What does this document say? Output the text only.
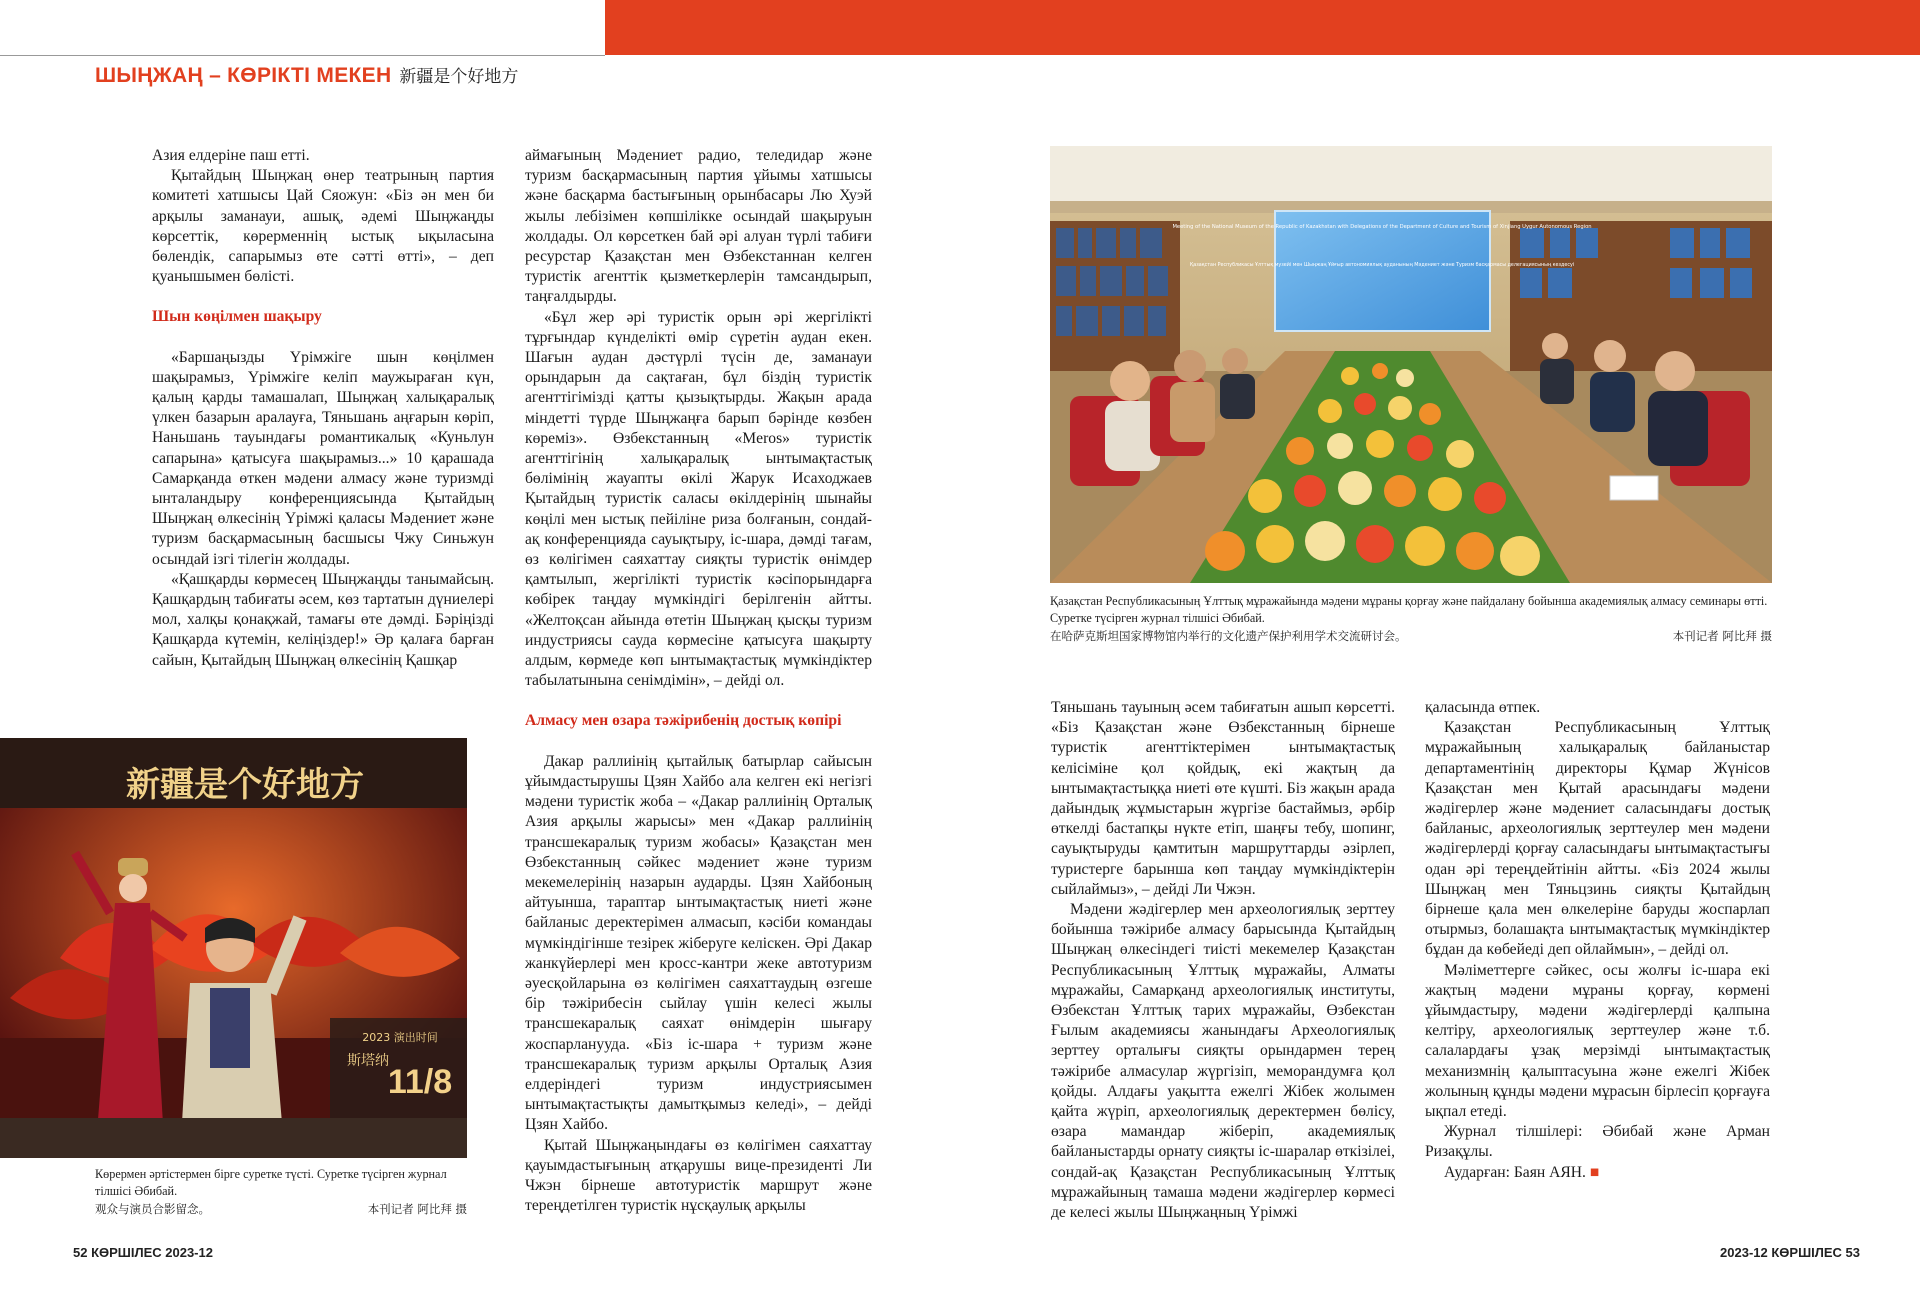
ШЫҢЖАҢ – КӨРІКТІ МЕКЕН 新疆是个好地方

Азия елдеріне паш етті.

Қытайдың Шыңжаң өнер театрының партия комитеті хатшысы Цай Сяожун: «Біз ән мен би арқылы заманауи, ашық, әдемі Шыңжаңды көрсеттік, көрерменнің ыстық ықыласына бөлендік, сапарымыз өте сәтті өтті», – деп қуанышымен бөлісті.

Шын көңілмен шақыру

«Баршаңызды Үрімжіге шын көңілмен шақырамыз, Үрімжіге келіп маужыраған күн, қалың қарды тамашалап, Шыңжаң халықаралық үлкен базарын аралауға, Тяньшань аңғарын көріп, Наньшань тауындағы романтикалық «Куньлун сапарына» қатысуға шақырамыз...» 10 қарашада Самарқанда өткен мәдени алмасу және туризмді ынталандыру конференциясында Қытайдың Шыңжаң өлкесінің Үрімжі қаласы Мәдениет және туризм басқармасының басшысы Чжу Синьжун осындай ізгі тілегін жолдады.

«Қашқарды көрмесең Шыңжаңды танымайсың. Қашқардың табиғаты әсем, көз тартатын дүниелері мол, халқы қонақжай, тамағы өте дәмді. Бәріңізді Қашқарда күтемін, келіңіздер!» Әр қалаға барған сайын, Қытайдың Шыңжаң өлкесінің Қашқар

аймағының Мәдениет радио, теледидар және туризм басқармасының партия ұйымы хатшысы және басқарма бастығының орынбасары Лю Хуэй жылы лебізімен көпшілікке осындай шақыруын жолдады. Ол көрсеткен бай әрі алуан түрлі табиғи ресурстар Қазақстан мен Өзбекстаннан келген туристік агенттік қызметкерлерін тамсандырып, таңғалдырды.

«Бұл жер әрі туристік орын әрі жергілікті тұрғындар күнделікті өмір сүретін аудан екен. Шағын аудан дәстүрлі түсін де, заманауи орындарын да сақтаған, бұл біздің туристік агенттігімізді қатты қызықтырды. Жақын арада міндетті түрде Шыңжаңға барып бәрінде көзбен көреміз». Өзбекстанның «Meros» туристік агенттігінің халықаралық ынтымақтастық бөлімінің жауапты өкілі Жарук Исаходжаев Қытайдың туристік саласы өкілдерінің шынайы көңілі мен ыстық пейіліне риза болғанын, сондай-ақ конференцияда сауықтыру, іс-шара, дәмді тағам, өз көлігімен саяхаттау сияқты туристік өнімдер қамтылып, жергілікті туристік кәсіпорындарға көбірек таңдау мүмкіндігі берілгенін айтты. «Желтоқсан айында өтетін Шыңжаң қысқы туризм индустриясы сауда көрмесіне қатысуға шақырту алдым, көрмеде көп ынтымақтастық мүмкіндіктер табылатынына сенімдімін», – дейді ол.

Алмасу мен өзара тәжірибенің достық көпірі

Дакар раллиінің қытайлық батырлар сайысын ұйымдастырушы Цзян Хайбо ала келген екі негізгі мәдени туристік жоба – «Дакар раллиінің Орталық Азия арқылы жарысы» мен «Дакар раллиінің трансшекаралық туризм жобасы» Қазақстан мен Өзбекстанның сәйкес мәдениет және туризм мекемелерінің назарын аударды. Цзян Хайбоның айтуынша, тараптар ынтымақтастық ниеті және байланыс деректерімен алмасып, кәсіби командаы мүмкіндігінше тезірек жіберуге келіскен. Әрі Дакар жанкүйерлері мен кросс-кантри жеке автотуризм әуесқойларына өз көлігімен саяхаттаудың өзгеше бір тәжірибесін сыйлау үшін келесі жылы трансшекаралық саяхат өнімдерін шығару жоспарланууда. «Біз іс-шара + туризм және трансшекаралық туризм арқылы Орталық Азия елдеріндегі туризм индустриясымен ынтымақтастықты дамытқымыз келеді», – дейді Цзян Хайбо.

Қытай Шыңжаңындағы өз көлігімен саяхаттау қауымдастығының атқарушы вице-президенті Ли Чжэн бірнеше автотуристік маршрут және тереңдетілген туристік нұсқаулық арқылы

Тяньшань тауының әсем табиғатын ашып көрсетті. «Біз Қазақстан және Өзбекстанның бірнеше туристік агенттіктерімен ынтымақтастық келісіміне қол қойдық, екі жақтың да ынтымақтастыққа ниеті өте күшті. Біз жақын арада дайындық жұмыстарын жүргізе бастаймыз, әрбір өткелді бастапқы нүкте етіп, шаңғы тебу, шопинг, сауықтыруды қамтитын маршруттарды әзірлеп, туристерге барынша көп таңдау мүмкіндіктерін сыйлаймыз», – дейді Ли Чжэн.

Мәдени жәдігерлер мен археологиялық зерттеу бойынша тәжірибе алмасу барысында Қытайдың Шыңжаң өлкесіндегі тиісті мекемелер Қазақстан Республикасының Ұлттық мұражайы, Алматы мұражайы, Самарқанд археологиялық институты, Өзбекстан Ұлттық тарих мұражайы, Өзбекстан Ғылым академиясы жанындағы Археологиялық зерттеу орталығы сияқты орындармен терең тәжірибе алмасулар жүргізіп, меморандумға қол қойды. Алдағы уақытта ежелгі Жібек жолымен қайта жүріп, археологиялық деректермен бөлісу, өзара мамандар жіберіп, академиялық байланыстарды орнату сияқты іс-шаралар өткізілеі, сондай-ақ Қазақстан Республикасының Ұлттық мұражайының тамаша мәдени жәдігерлер көрмесі де келесі жылы Шыңжаңның Үрімжі

қаласында өтпек.

Қазақстан Республикасының Ұлттық мұражайының халықаралық байланыстар департаментінің директоры Құмар Жүнісов Қазақстан мен Қытай арасындағы мәдени жәдігерлер және мәдениет саласындағы достық байланыс, археологиялық зерттеулер мен мәдени жәдігерлерді қорғау саласындағы ынтымақтастығы одан әрі тереңдейтінін айтты. «Біз 2024 жылы Шыңжаң мен Тяньцзинь сияқты Қытайдың бірнеше қала мен өлкелеріне баруды жоспарлап отырмыз, болашақта ынтымақтастық мүмкіндіктер бұдан да көбейеді деп ойлаймын», – дейді ол.

Мәліметтерге сәйкес, осы жолғы іс-шара екі жақтың мәдени мұраны қорғау, көрмені ұйымдастыру, мәдени жәдігерлерді қалпына келтіру, археологиялық зерттеулер және т.б. салалардағы ұзақ мерзімді ынтымақтастық механизмнің қалыптасуына және ежелгі Жібек жолының құнды мәдени мұрасын бірлесіп қорғауға ықпал етеді.

Журнал тілшілері: Әбибай және Арман Ризақұлы.

Аударған: Баян АЯН. ■

Meeting of the National Museum of the Republic of Kazakhstan with Delegations of the Department of Culture and Tourism of Xinjiang Uygur Autonomous Region
Қазақстан Республикасы Ұлттық музейі мен Шыңжаң Ұйғыр автономиялық ауданының Мәдениет және Туризм басқармасы делегациясының кездесуі
Қазақстан Республикасының Ұлттық мұражайында мәдени мұраны қорғау және пайдалану бойынша академиялық алмасу семинары өтті. Суретке түсірген журнал тілшісі Әбибай.
在哈萨克斯坦国家博物馆内举行的文化遗产保护利用学术交流研讨会。	本刊记者 阿比拜 摄
新疆是个好地方
2023 演出时间
斯塔纳
11/8
Көрермен әртістермен бірге суретке түсті. Суретке түсірген журнал тілшісі Әбибай.
观众与演员合影留念。	本刊记者 阿比拜 摄
52 КӨРШІЛЕС 2023-12	2023-12 КӨРШІЛЕС 53
